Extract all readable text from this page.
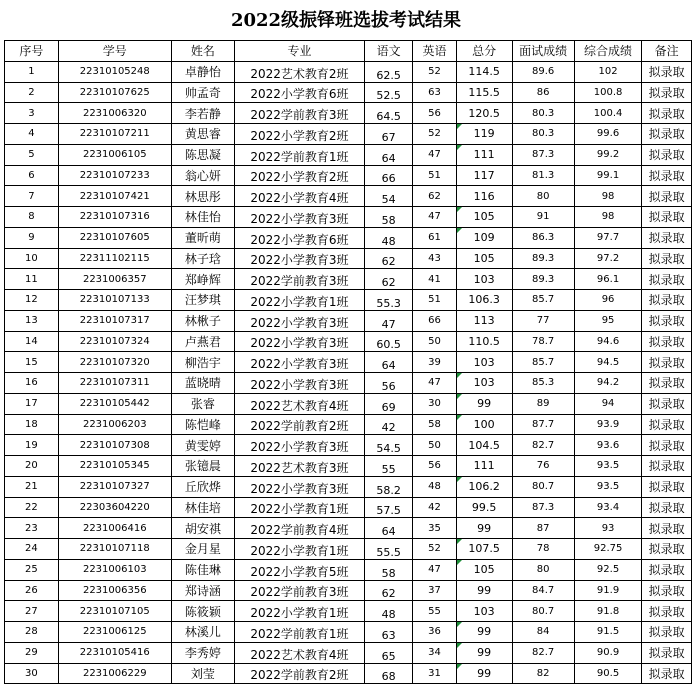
2022级振铎班选拔考试结果
序号	学号	姓名	专业	语文	英语	总分	面试成绩	综合成绩	备注
1	22310105248	卓静怡	2022艺术教育2班	62.5	52	114.5	89.6	102	拟录取
2	22310107625	帅孟奇	2022小学教育6班	52.5	63	115.5	86	100.8	拟录取
3	2231006320	李若静	2022学前教育3班	64.5	56	120.5	80.3	100.4	拟录取
4	22310107211	黄思睿	2022小学教育2班	67	52	119	80.3	99.6	拟录取
5	2231006105	陈思凝	2022学前教育1班	64	47	111	87.3	99.2	拟录取
6	22310107233	翁心妍	2022小学教育2班	66	51	117	81.3	99.1	拟录取
7	22310107421	林思彤	2022小学教育4班	54	62	116	80	98	拟录取
8	22310107316	林佳怡	2022小学教育3班	58	47	105	91	98	拟录取
9	22310107605	董昕萌	2022小学教育6班	48	61	109	86.3	97.7	拟录取
10	22311102115	林子琀	2022小学教育3班	62	43	105	89.3	97.2	拟录取
11	2231006357	郑峥辉	2022学前教育3班	62	41	103	89.3	96.1	拟录取
12	22310107133	汪梦琪	2022小学教育1班	55.3	51	106.3	85.7	96	拟录取
13	22310107317	林楸子	2022小学教育3班	47	66	113	77	95	拟录取
14	22310107324	卢燕君	2022小学教育3班	60.5	50	110.5	78.7	94.6	拟录取
15	22310107320	柳浩宇	2022小学教育3班	64	39	103	85.7	94.5	拟录取
16	22310107311	蓝晓晴	2022小学教育3班	56	47	103	85.3	94.2	拟录取
17	22310105442	张睿	2022艺术教育4班	69	30	99	89	94	拟录取
18	2231006203	陈恺峰	2022学前教育2班	42	58	100	87.7	93.9	拟录取
19	22310107308	黄雯婷	2022小学教育3班	54.5	50	104.5	82.7	93.6	拟录取
20	22310105345	张镱晨	2022艺术教育3班	55	56	111	76	93.5	拟录取
21	22310107327	丘欣烨	2022小学教育3班	58.2	48	106.2	80.7	93.5	拟录取
22	22303604220	林佳培	2022小学教育1班	57.5	42	99.5	87.3	93.4	拟录取
23	2231006416	胡安祺	2022学前教育4班	64	35	99	87	93	拟录取
24	22310107118	金月星	2022小学教育1班	55.5	52	107.5	78	92.75	拟录取
25	2231006103	陈佳琳	2022小学教育5班	58	47	105	80	92.5	拟录取
26	2231006356	郑诗涵	2022学前教育3班	62	37	99	84.7	91.9	拟录取
27	22310107105	陈筱颖	2022小学教育1班	48	55	103	80.7	91.8	拟录取
28	2231006125	林溪儿	2022学前教育1班	63	36	99	84	91.5	拟录取
29	22310105416	李秀婷	2022艺术教育4班	65	34	99	82.7	90.9	拟录取
30	2231006229	刘莹	2022学前教育2班	68	31	99	82	90.5	拟录取
